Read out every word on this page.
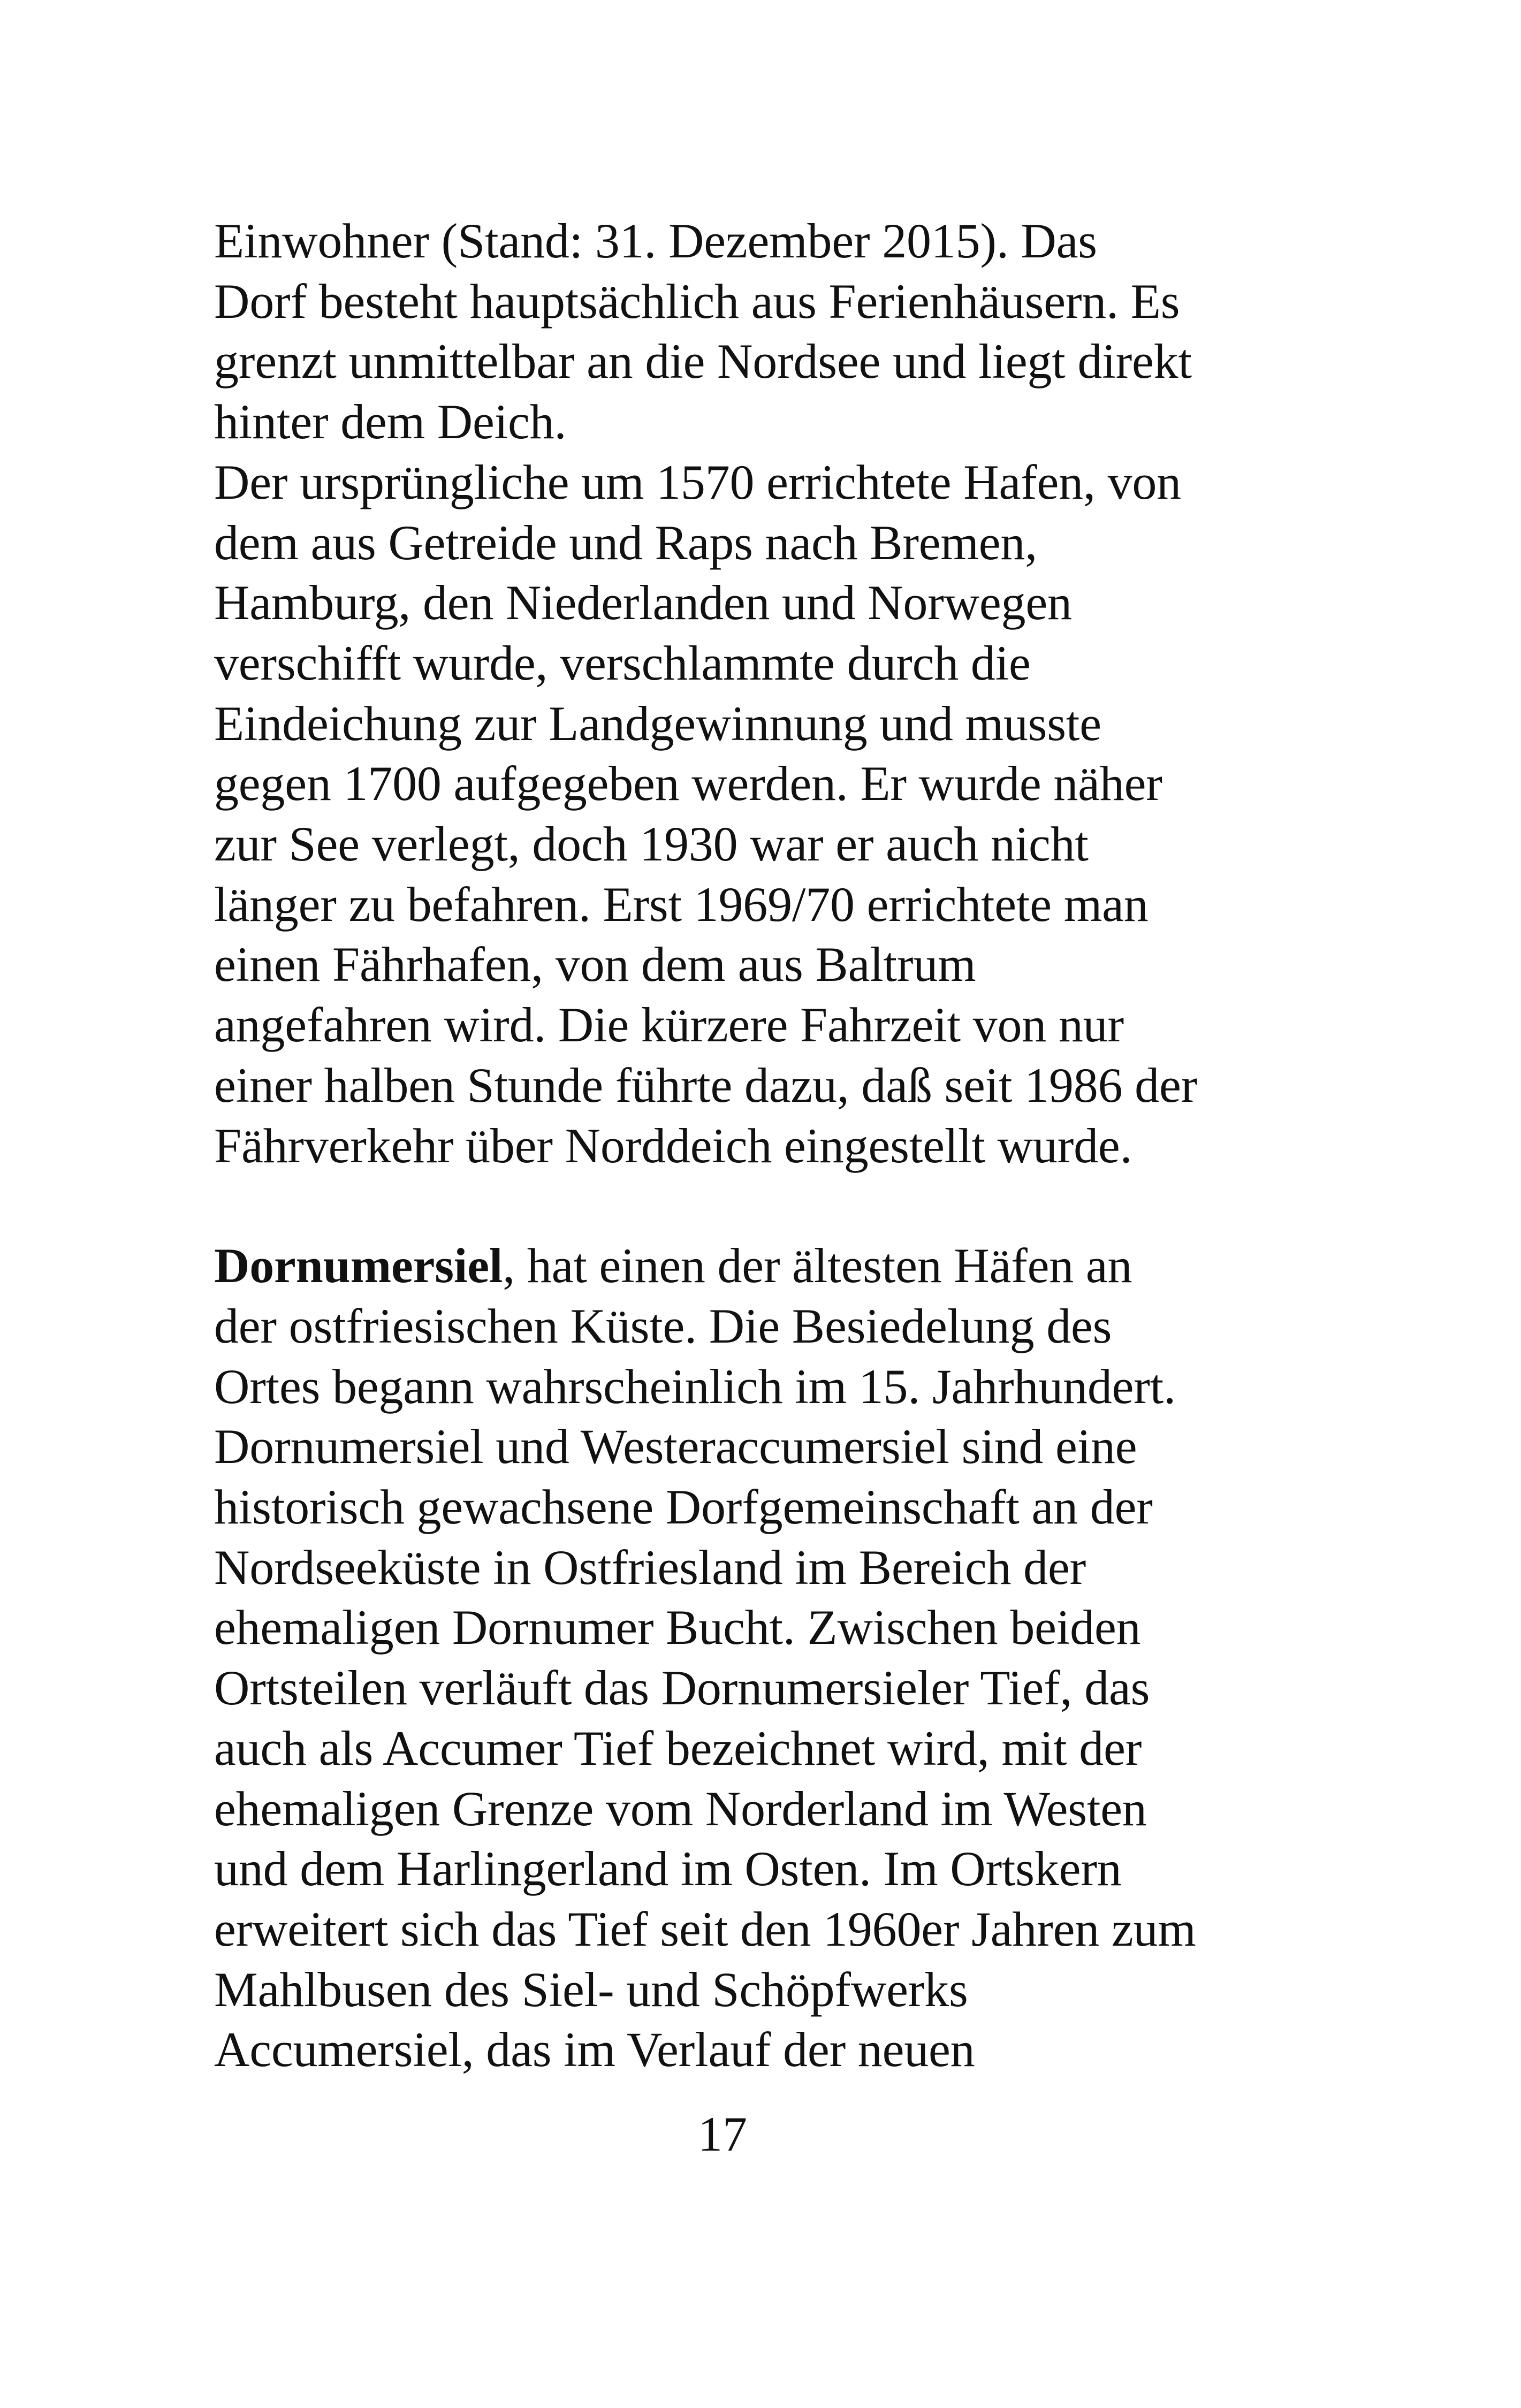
Einwohner (Stand: 31. Dezember 2015). Das
Dorf besteht hauptsächlich aus Ferienhäusern. Es
grenzt unmittelbar an die Nordsee und liegt direkt
hinter dem Deich.
Der ursprüngliche um 1570 errichtete Hafen, von
dem aus Getreide und Raps nach Bremen,
Hamburg, den Niederlanden und Norwegen
verschifft wurde, verschlammte durch die
Eindeichung zur Landgewinnung und musste
gegen 1700 aufgegeben werden. Er wurde näher
zur See verlegt, doch 1930 war er auch nicht
länger zu befahren. Erst 1969/70 errichtete man
einen Fährhafen, von dem aus Baltrum
angefahren wird. Die kürzere Fahrzeit von nur
einer halben Stunde führte dazu, daß seit 1986 der
Fährverkehr über Norddeich eingestellt wurde.
Dornumersiel, hat einen der ältesten Häfen an
der ostfriesischen Küste. Die Besiedelung des
Ortes begann wahrscheinlich im 15. Jahrhundert.
Dornumersiel und Westeraccumersiel sind eine
historisch gewachsene Dorfgemeinschaft an der
Nordseeküste in Ostfriesland im Bereich der
ehemaligen Dornumer Bucht. Zwischen beiden
Ortsteilen verläuft das Dornumersieler Tief, das
auch als Accumer Tief bezeichnet wird, mit der
ehemaligen Grenze vom Norderland im Westen
und dem Harlingerland im Osten. Im Ortskern
erweitert sich das Tief seit den 1960er Jahren zum
Mahlbusen des Siel- und Schöpfwerks
Accumersiel, das im Verlauf der neuen
17
